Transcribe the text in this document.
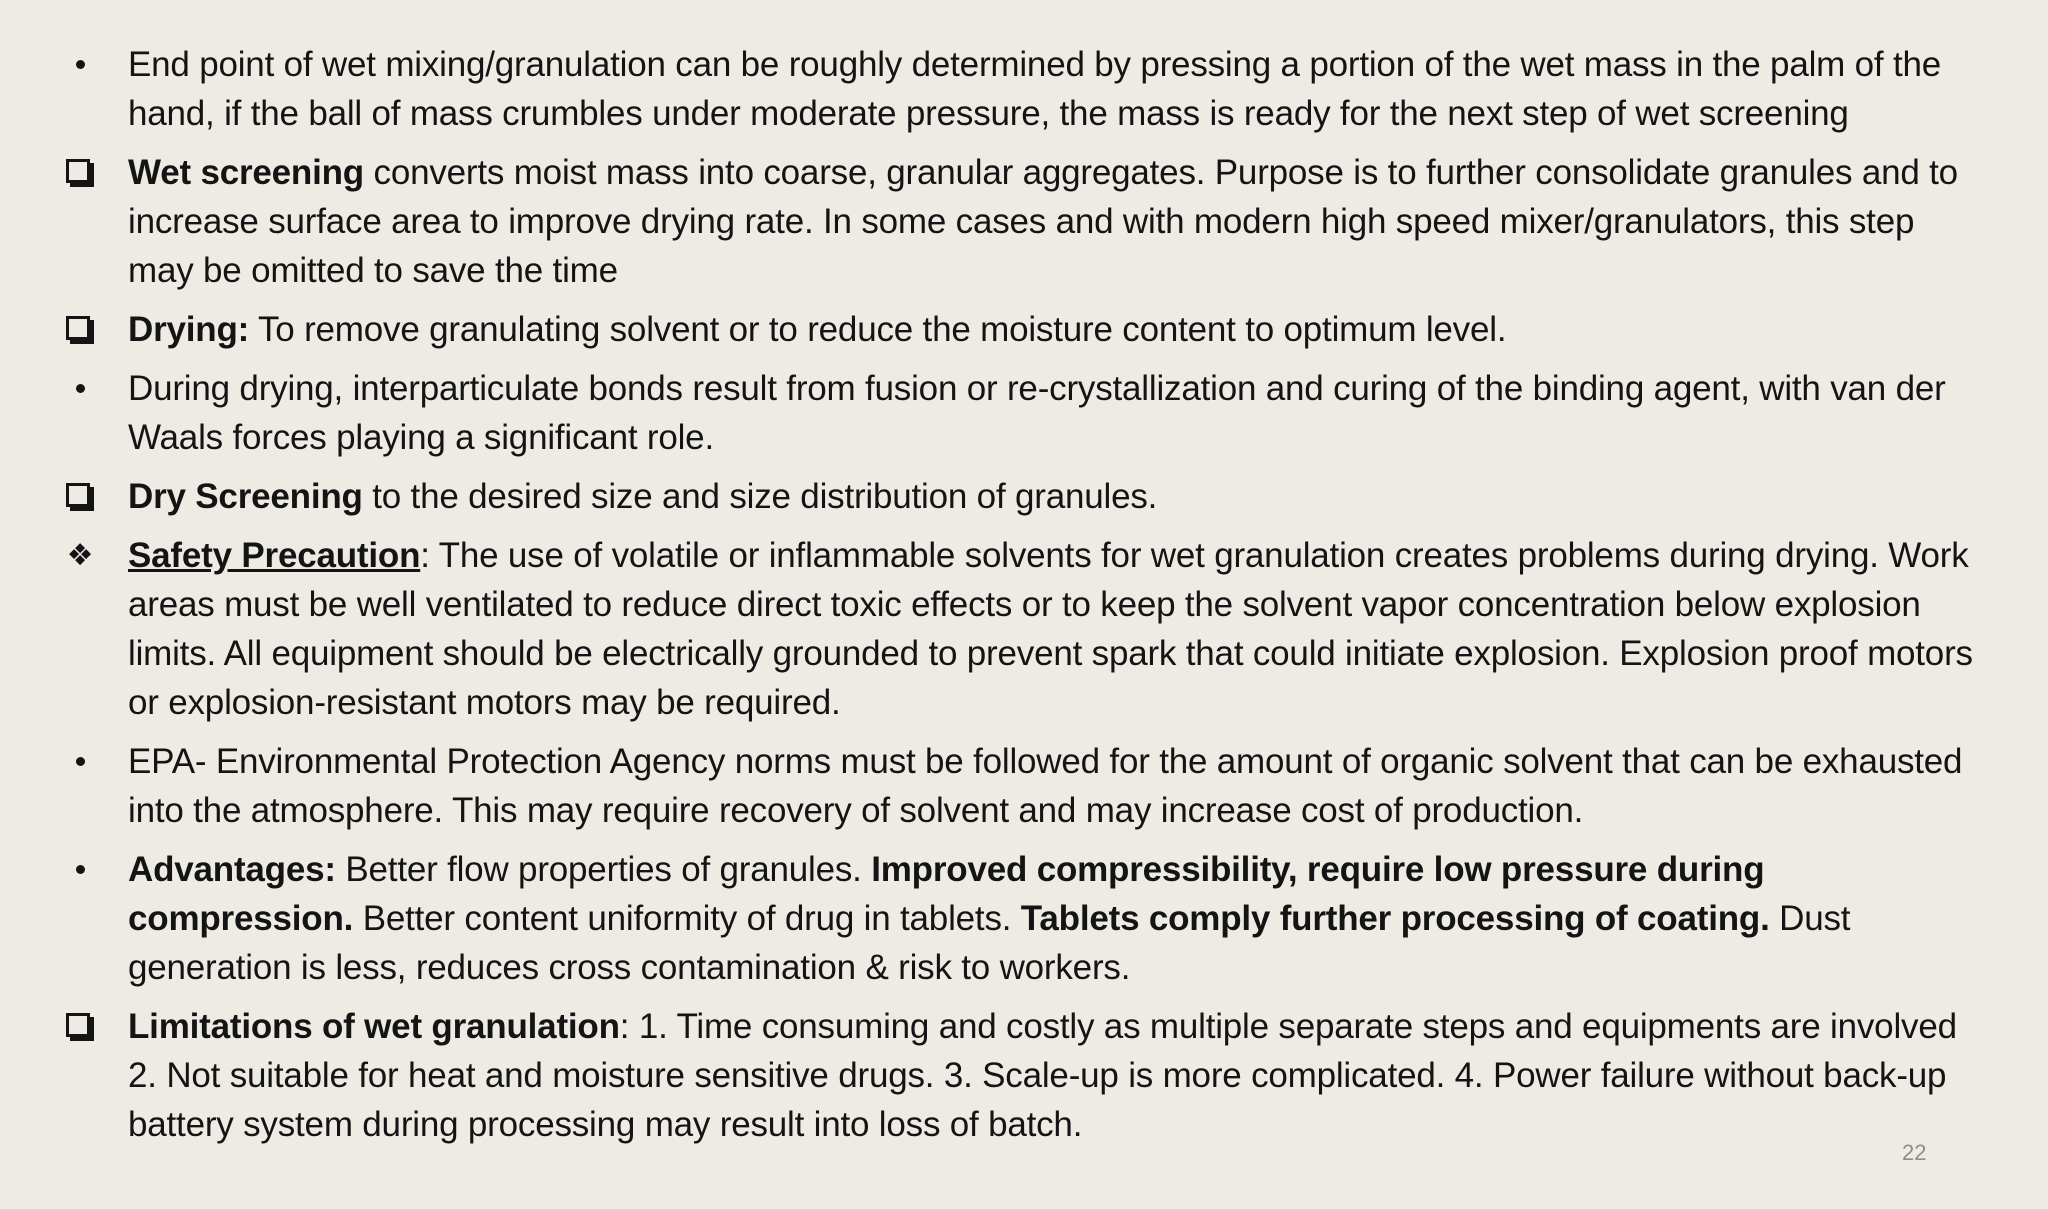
End point of wet mixing/granulation can be roughly determined by pressing a portion of the wet mass in the palm of the hand, if the ball of mass crumbles under moderate pressure, the mass is ready for the next step of wet screening
Wet screening converts moist mass into coarse, granular aggregates. Purpose is to further consolidate granules and to increase surface area to improve drying rate. In some cases and with modern high speed mixer/granulators, this step may be omitted to save the time
Drying: To remove granulating solvent or to reduce the moisture content to optimum level.
During drying, interparticulate bonds result from fusion or re-crystallization and curing of the binding agent, with van der Waals forces playing a significant role.
Dry Screening to the desired size and size distribution of granules.
❖ Safety Precaution: The use of volatile or inflammable solvents for wet granulation creates problems during drying. Work areas must be well ventilated to reduce direct toxic effects or to keep the solvent vapor concentration below explosion limits. All equipment should be electrically grounded to prevent spark that could initiate explosion. Explosion proof motors or explosion-resistant motors may be required.
EPA- Environmental Protection Agency norms must be followed for the amount of organic solvent that can be exhausted into the atmosphere. This may require recovery of solvent and may increase cost of production.
Advantages: Better flow properties of granules. Improved compressibility, require low pressure during compression. Better content uniformity of drug in tablets. Tablets comply further processing of coating. Dust generation is less, reduces cross contamination & risk to workers.
Limitations of wet granulation: 1. Time consuming and costly as multiple separate steps and equipments are involved 2. Not suitable for heat and moisture sensitive drugs. 3. Scale-up is more complicated. 4. Power failure without back-up battery system during processing may result into loss of batch.
22
